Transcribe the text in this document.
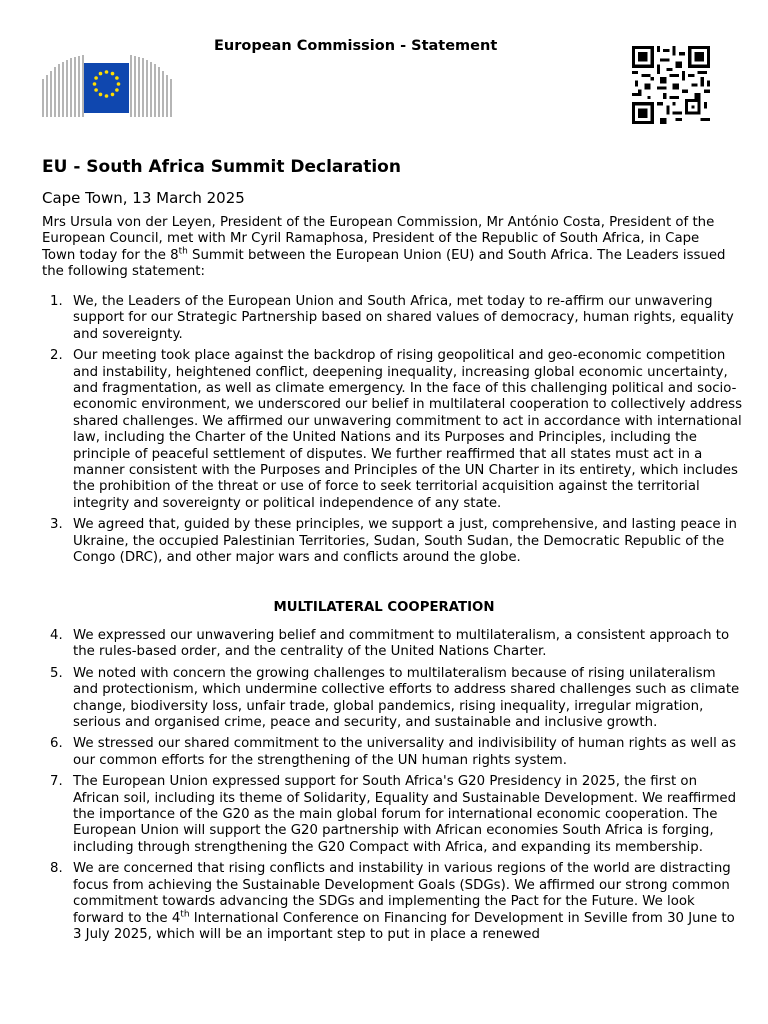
European Commission - Statement
EU - South Africa Summit Declaration
Cape Town, 13 March 2025

Mrs Ursula von der Leyen, President of the European Commission, Mr António Costa, President of the European Council, met with Mr Cyril Ramaphosa, President of the Republic of South Africa, in Cape Town today for the 8th Summit between the European Union (EU) and South Africa. The Leaders issued the following statement:

1. We, the Leaders of the European Union and South Africa, met today to re-affirm our unwavering support for our Strategic Partnership based on shared values of democracy, human rights, equality and sovereignty.
2. Our meeting took place against the backdrop of rising geopolitical and geo-economic competition and instability, heightened conflict, deepening inequality, increasing global economic uncertainty, and fragmentation, as well as climate emergency. In the face of this challenging political and socio-economic environment, we underscored our belief in multilateral cooperation to collectively address shared challenges. We affirmed our unwavering commitment to act in accordance with international law, including the Charter of the United Nations and its Purposes and Principles, including the principle of peaceful settlement of disputes. We further reaffirmed that all states must act in a manner consistent with the Purposes and Principles of the UN Charter in its entirety, which includes the prohibition of the threat or use of force to seek territorial acquisition against the territorial integrity and sovereignty or political independence of any state.
3. We agreed that, guided by these principles, we support a just, comprehensive, and lasting peace in Ukraine, the occupied Palestinian Territories, Sudan, South Sudan, the Democratic Republic of the Congo (DRC), and other major wars and conflicts around the globe.
MULTILATERAL COOPERATION
4. We expressed our unwavering belief and commitment to multilateralism, a consistent approach to the rules-based order, and the centrality of the United Nations Charter.
5. We noted with concern the growing challenges to multilateralism because of rising unilateralism and protectionism, which undermine collective efforts to address shared challenges such as climate change, biodiversity loss, unfair trade, global pandemics, rising inequality, irregular migration, serious and organised crime, peace and security, and sustainable and inclusive growth.
6. We stressed our shared commitment to the universality and indivisibility of human rights as well as our common efforts for the strengthening of the UN human rights system.
7. The European Union expressed support for South Africa's G20 Presidency in 2025, the first on African soil, including its theme of Solidarity, Equality and Sustainable Development. We reaffirmed the importance of the G20 as the main global forum for international economic cooperation. The European Union will support the G20 partnership with African economies South Africa is forging, including through strengthening the G20 Compact with Africa, and expanding its membership.
8. We are concerned that rising conflicts and instability in various regions of the world are distracting focus from achieving the Sustainable Development Goals (SDGs). We affirmed our strong common commitment towards advancing the SDGs and implementing the Pact for the Future. We look forward to the 4th International Conference on Financing for Development in Seville from 30 June to 3 July 2025, which will be an important step to put in place a renewed
